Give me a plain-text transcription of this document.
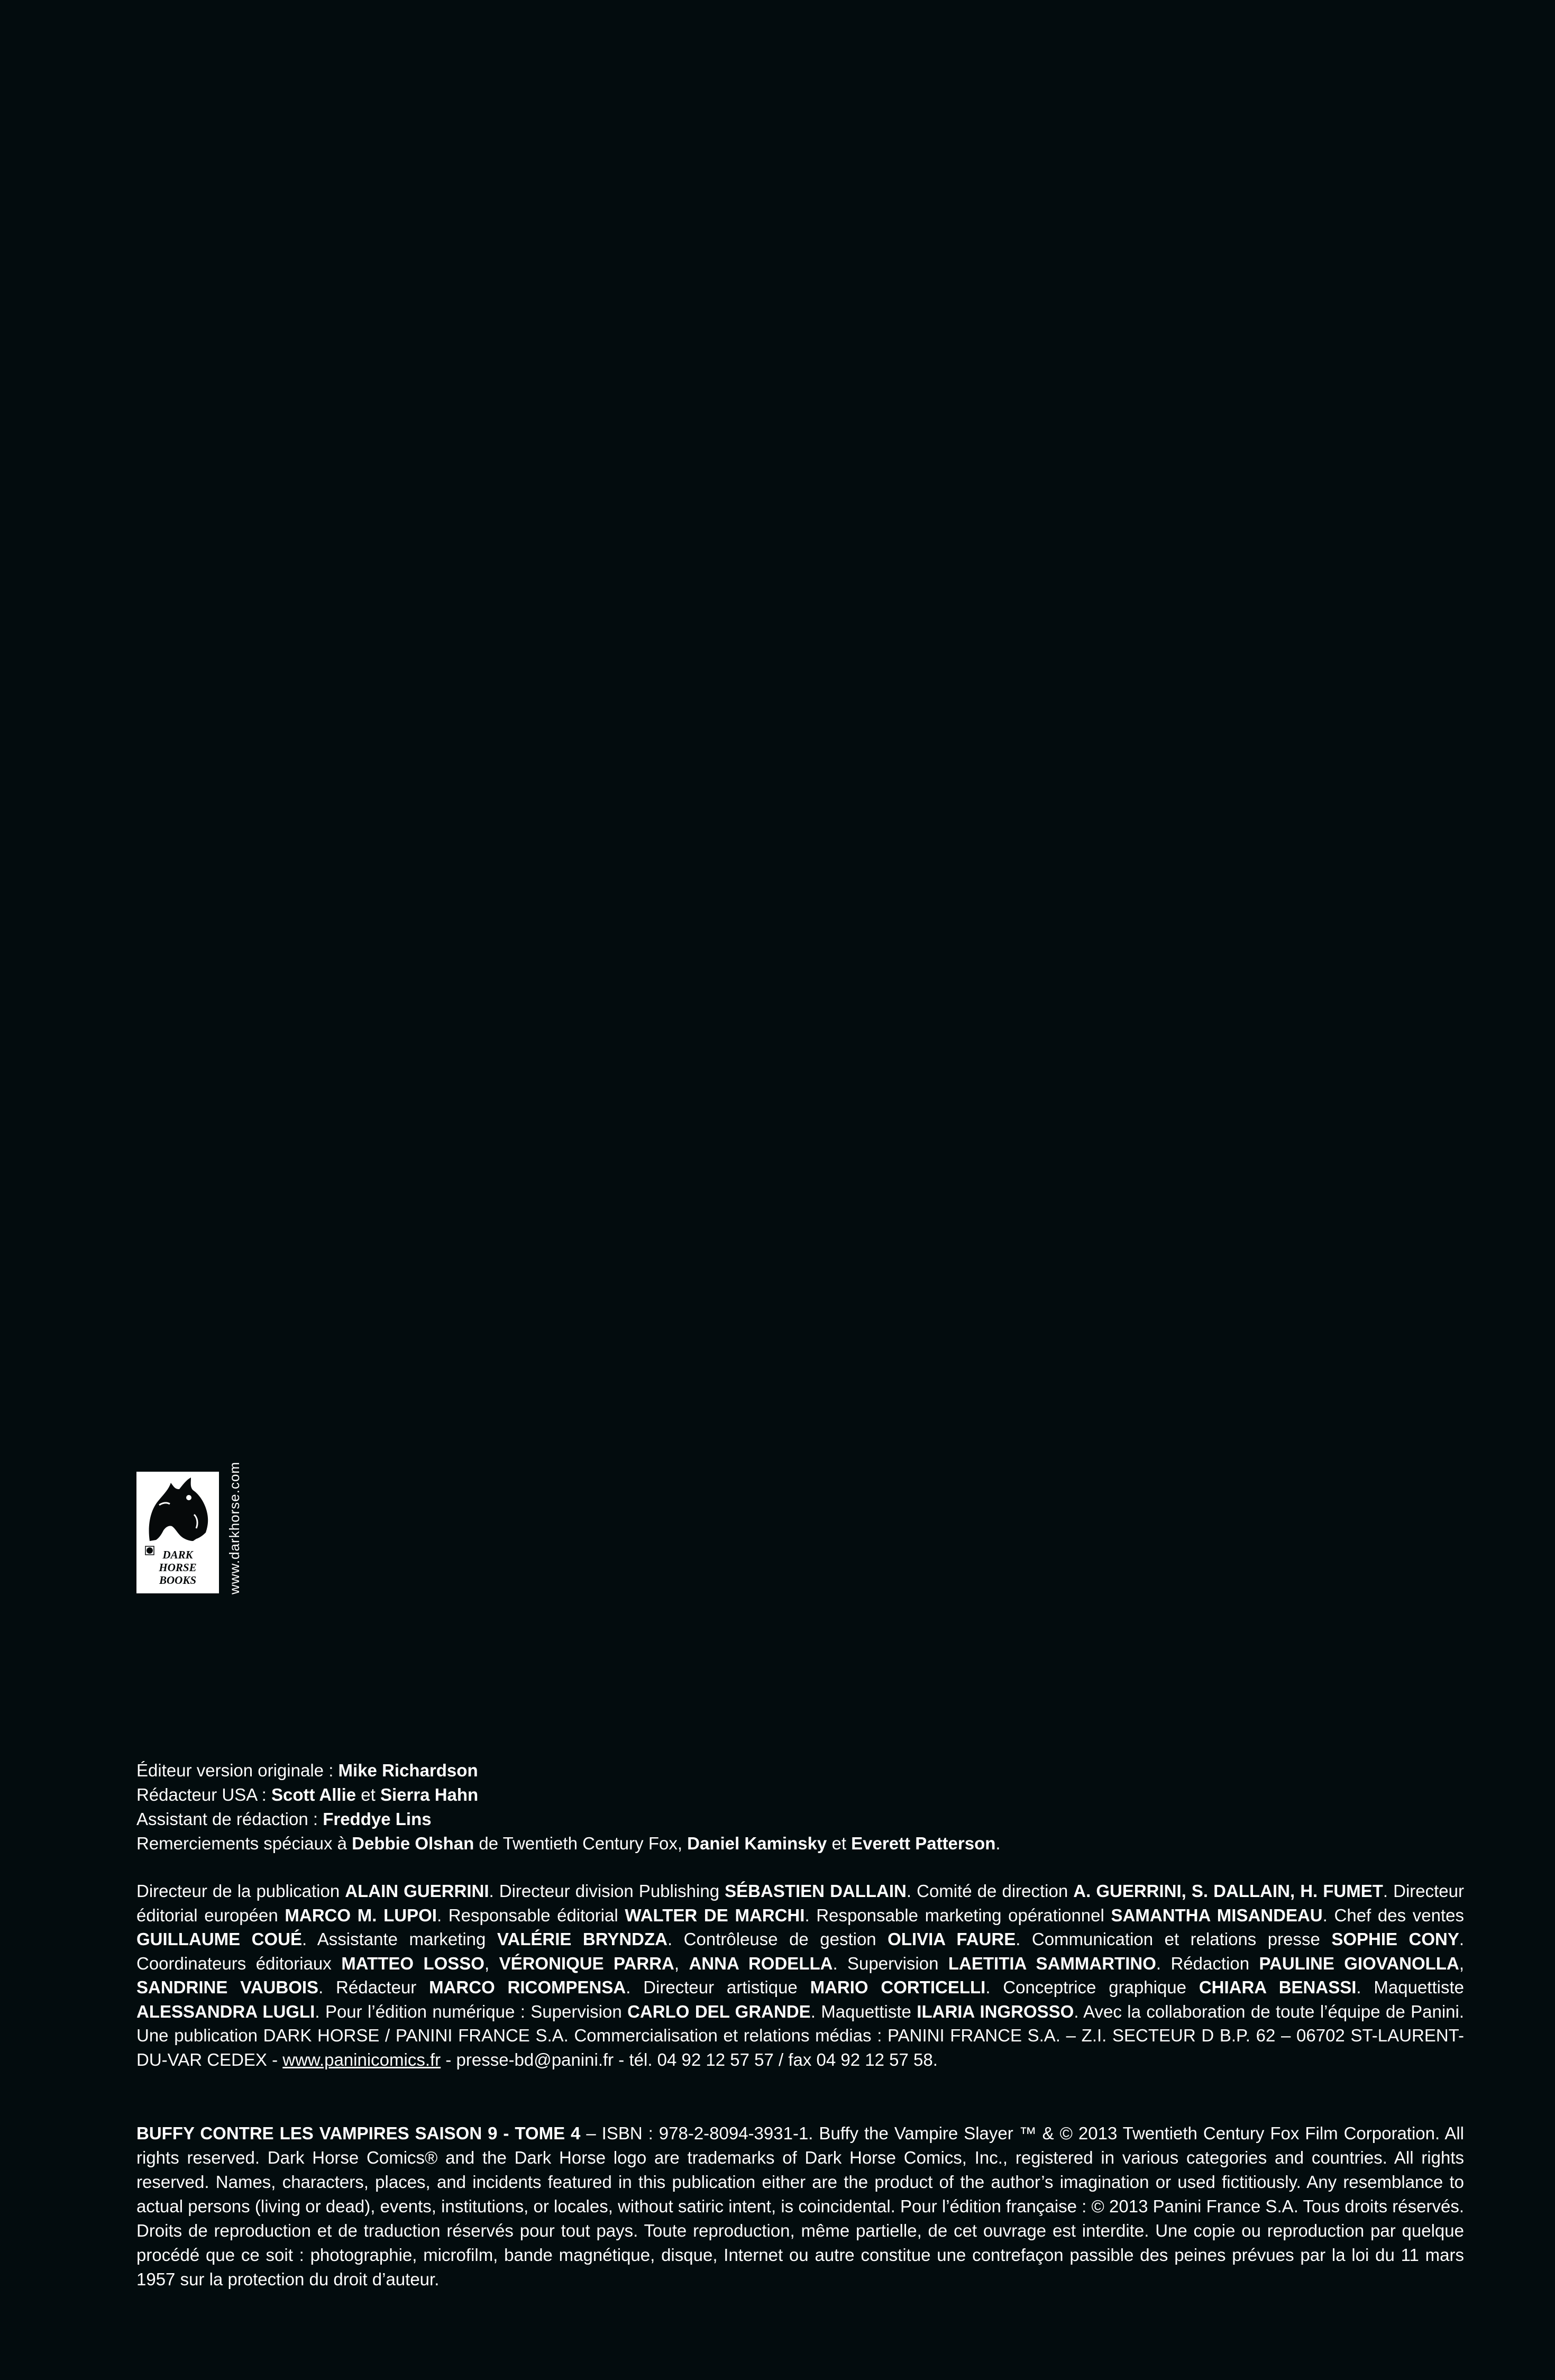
DARK
HORSE
BOOKS	www.darkhorse.com
Éditeur version originale : Mike Richardson
Rédacteur USA : Scott Allie et Sierra Hahn
Assistant de rédaction : Freddye Lins
Remerciements spéciaux à Debbie Olshan de Twentieth Century Fox, Daniel Kaminsky et Everett Patterson.
Directeur de la publication ALAIN GUERRINI. Directeur division Publishing SÉBASTIEN DALLAIN. Comité de direction A. GUERRINI, S. DALLAIN, H. FUMET. Directeur éditorial européen MARCO M. LUPOI. Responsable éditorial WALTER DE MARCHI. Responsable marketing opérationnel SAMANTHA MISANDEAU. Chef des ventes GUILLAUME COUÉ. Assistante marketing VALÉRIE BRYNDZA. Contrôleuse de gestion OLIVIA FAURE. Communication et relations presse SOPHIE CONY. Coordinateurs éditoriaux MATTEO LOSSO, VÉRONIQUE PARRA, ANNA RODELLA. Supervision LAETITIA SAMMARTINO. Rédaction PAULINE GIOVANOLLA, SANDRINE VAUBOIS. Rédacteur MARCO RICOMPENSA. Directeur artistique MARIO CORTICELLI. Conceptrice graphique CHIARA BENASSI. Maquettiste ALESSANDRA LUGLI. Pour l’édition numérique : Supervision CARLO DEL GRANDE. Maquettiste ILARIA INGROSSO. Avec la collaboration de toute l’équipe de Panini. Une publication DARK HORSE / PANINI FRANCE S.A. Commercialisation et relations médias : PANINI FRANCE S.A. – Z.I. SECTEUR D B.P. 62 – 06702 ST-LAURENT-DU-VAR CEDEX - www.paninicomics.fr - presse-bd@panini.fr - tél. 04 92 12 57 57 / fax 04 92 12 57 58.
BUFFY CONTRE LES VAMPIRES SAISON 9 - TOME 4 – ISBN : 978-2-8094-3931-1. Buffy the Vampire Slayer ™ & © 2013 Twentieth Century Fox Film Corporation. All rights reserved. Dark Horse Comics® and the Dark Horse logo are trademarks of Dark Horse Comics, Inc., registered in various categories and countries. All rights reserved. Names, characters, places, and incidents featured in this publication either are the product of the author’s imagination or used fictitiously. Any resemblance to actual persons (living or dead), events, institutions, or locales, without satiric intent, is coincidental. Pour l’édition française : © 2013 Panini France S.A. Tous droits réservés. Droits de reproduction et de traduction réservés pour tout pays. Toute reproduction, même partielle, de cet ouvrage est interdite. Une copie ou reproduction par quelque procédé que ce soit : photographie, microfilm, bande magnétique, disque, Internet ou autre constitue une contrefaçon passible des peines prévues par la loi du 11 mars 1957 sur la protection du droit d’auteur.
